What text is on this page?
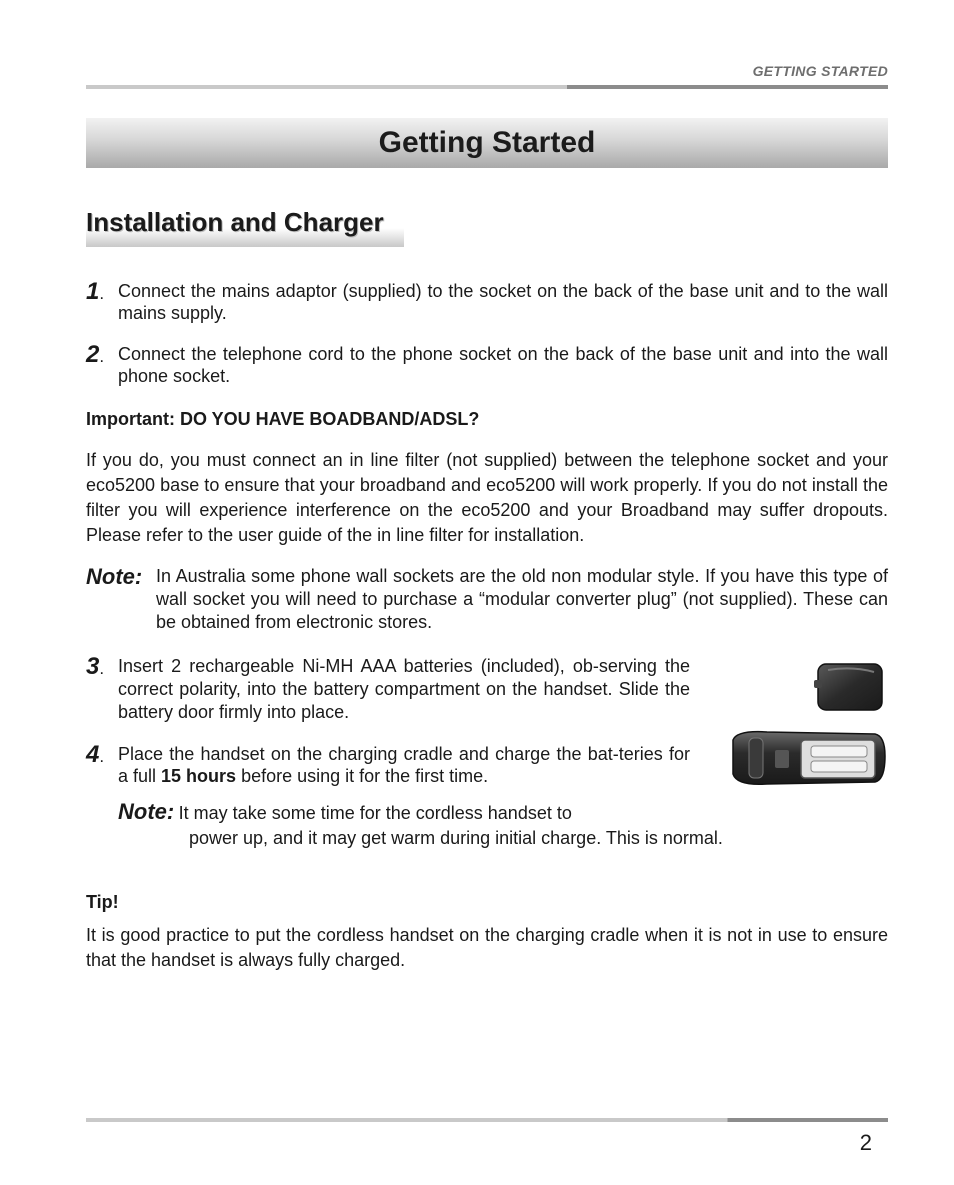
GETTING STARTED
Getting Started
Installation and Charger
1. Connect the mains adaptor (supplied) to the socket on the back of the base unit and to the wall mains supply.
2. Connect the telephone cord to the phone socket on the back of the base unit and into the wall phone socket.
Important: DO YOU HAVE BOADBAND/ADSL?
If you do, you must connect an in line filter (not supplied) between the telephone socket and your eco5200 base to ensure that your broadband and eco5200 will work properly. If you do not install the filter you will experience interference on the eco5200 and your Broadband may suffer dropouts. Please refer to the user guide of the in line filter for installation.
Note: In Australia some phone wall sockets are the old non modular style. If you have this type of wall socket you will need to purchase a “modular converter plug” (not supplied). These can be obtained from electronic stores.
3. Insert 2 rechargeable Ni-MH AAA batteries (included), ob-serving the correct polarity, into the battery compartment on the handset. Slide the battery door firmly into place.
4. Place the handset on the charging cradle and charge the bat-teries for a full 15 hours before using it for the first time.
Note: It may take some time for the cordless handset to
power up, and it may get warm during initial charge. This is normal.
Tip!
It is good practice to put the cordless handset on the charging cradle when it is not in use to ensure that the handset is always fully charged.
2
